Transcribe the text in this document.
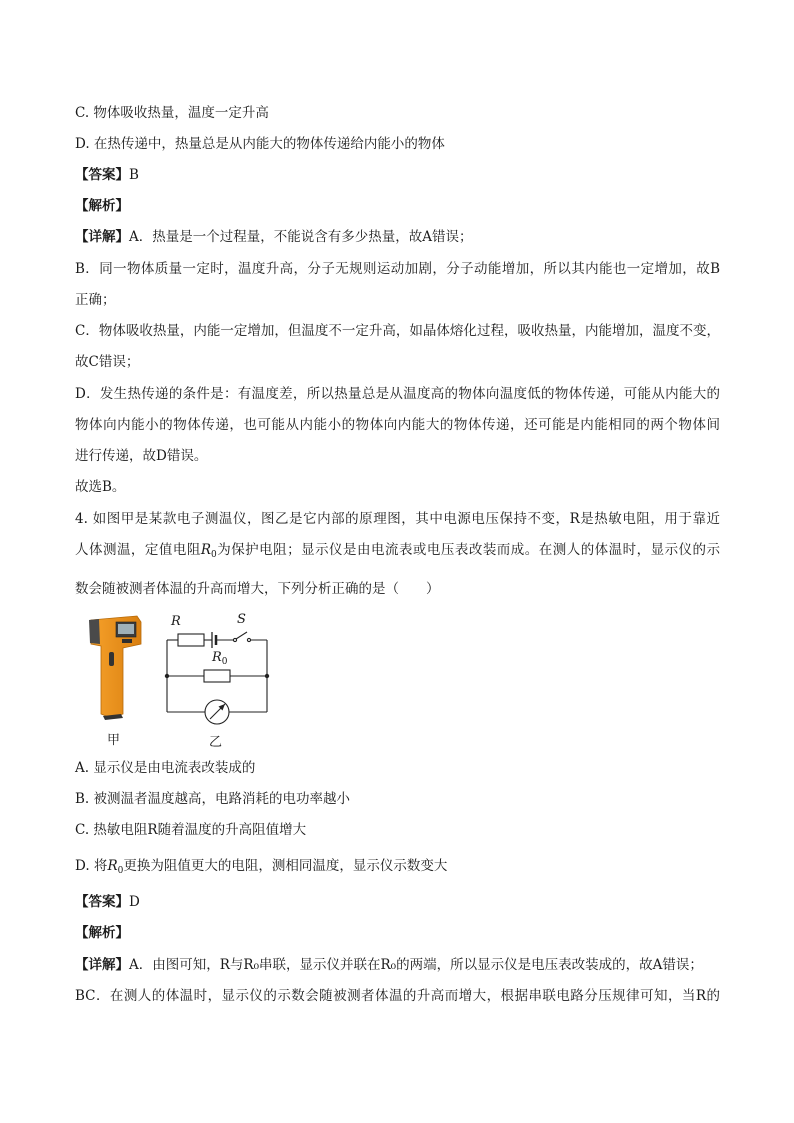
C. 物体吸收热量，温度一定升高
D. 在热传递中，热量总是从内能大的物体传递给内能小的物体
【答案】B
【解析】
【详解】A．热量是一个过程量，不能说含有多少热量，故A错误；
B．同一物体质量一定时，温度升高，分子无规则运动加剧，分子动能增加，所以其内能也一定增加，故B
正确；
C．物体吸收热量，内能一定增加，但温度不一定升高，如晶体熔化过程，吸收热量，内能增加，温度不变，
故C错误；
D．发生热传递的条件是：有温度差，所以热量总是从温度高的物体向温度低的物体传递，可能从内能大的
物体向内能小的物体传递，也可能从内能小的物体向内能大的物体传递，还可能是内能相同的两个物体间
进行传递，故D错误。
故选B。
4. 如图甲是某款电子测温仪，图乙是它内部的原理图，其中电源电压保持不变，R是热敏电阻，用于靠近
人体测温，定值电阻$R_0$为保护电阻；显示仪是由电流表或电压表改装而成。在测人的体温时，显示仪的示
数会随被测者体温的升高而增大，下列分析正确的是（　　）
R	S
$R_0$
甲	乙
A. 显示仪是由电流表改装成的
B. 被测温者温度越高，电路消耗的电功率越小
C. 热敏电阻R随着温度的升高阻值增大
D. 将$R_0$更换为阻值更大的电阻，测相同温度，显示仪示数变大
【答案】D
【解析】
【详解】A．由图可知，R与R₀串联，显示仪并联在R₀的两端，所以显示仪是电压表改装成的，故A错误；
BC．在测人的体温时，显示仪的示数会随被测者体温的升高而增大，根据串联电路分压规律可知，当R的
